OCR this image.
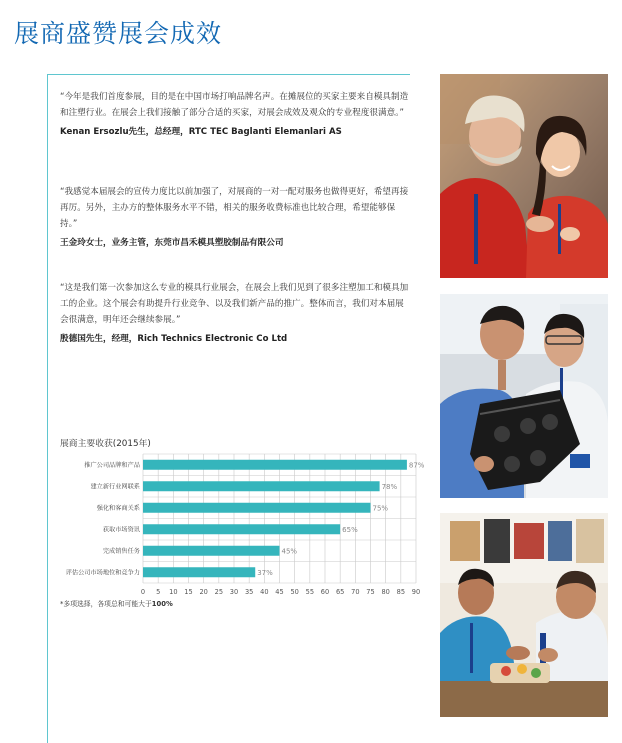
展商盛赞展会成效

“今年是我们首度参展，目的是在中国市场打响品牌名声。在摊展位的买家主要来自模具制造和注塑行业。在展会上我们接触了部分合适的买家，对展会成效及观众的专业程度很满意。”

Kenan Ersozlu先生，总经理，RTC TEC Baglanti Elemanlari AS

“我感觉本届展会的宣传力度比以前加强了，对展商的一对一配对服务也做得更好，希望再接再厉。另外，主办方的整体服务水平不错，相关的服务收费标准也比较合理，希望能够保持。”

王金玲女士，业务主管，东莞市昌禾模具塑胶制品有限公司

“这是我们第一次参加这么专业的模具行业展会，在展会上我们见到了很多注塑加工和模具加工的企业。这个展会有助提升行业竞争、以及我们新产品的推广。整体而言，我们对本届展会很满意，明年还会继续参展。”

殷德国先生，经理，Rich Technics Electronic Co Ltd

展商主要收获(2015年)
0 5 10 15 20 25 30 35 40 45 50 55 60 65 70 75 80 85 90
推广公司品牌和产品	87%
建立新行业网联系	78%
强化和客商关系	75%
获取市场资讯	65%
完成销售任务	45%
评估公司市场地位和竞争力	37%
*多项选择，各项总和可能大于100%
